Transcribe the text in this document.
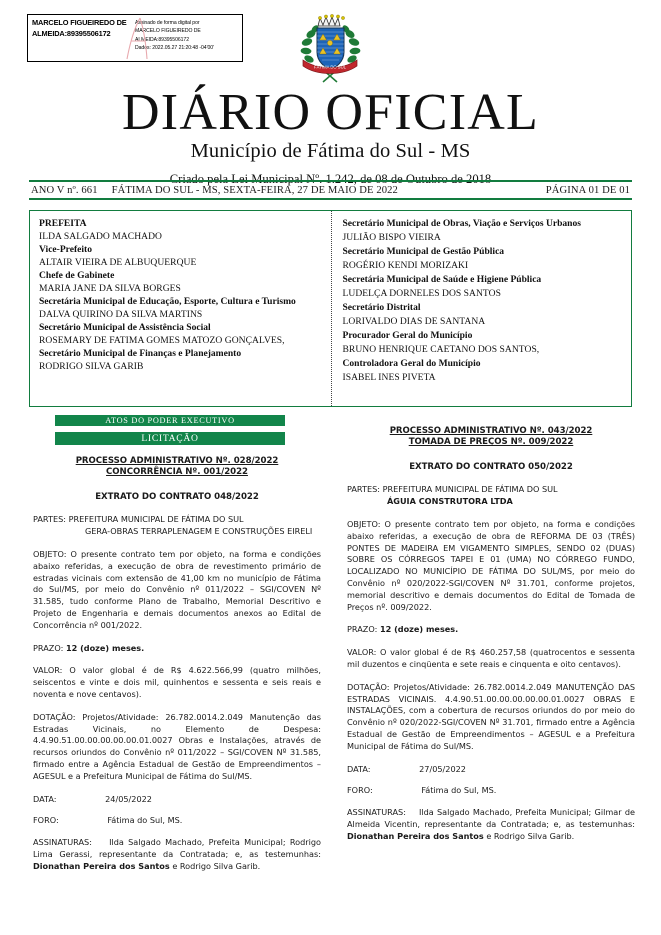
MARCELO FIGUEIREDO DE ALMEIDA:89395506172
Assinado de forma digital por
MARCELO FIGUEIREDO DE
ALMEIDA:89395506172
Dados: 2022.05.27 21:20:48 -04'00'
FÁTIMA DO SUL
DIÁRIO OFICIAL
Município de Fátima do Sul - MS
Criado pela Lei Municipal Nº. 1.242, de 08 de Outubro de 2018
ANO V nº. 661	FÁTIMA DO SUL - MS, SEXTA-FEIRA, 27 DE MAIO DE 2022	PÁGINA 01 DE 01
PREFEITA
ILDA SALGADO MACHADO
Vice-Prefeito
ALTAIR VIEIRA DE ALBUQUERQUE
Chefe de Gabinete
MARIA JANE DA SILVA BORGES
Secretária Municipal de Educação, Esporte, Cultura e Turismo
DALVA QUIRINO DA SILVA MARTINS
Secretário Municipal de Assistência Social
ROSEMARY DE FATIMA GOMES MATOZO GONÇALVES,
Secretário Municipal de Finanças e Planejamento
RODRIGO SILVA GARIB
Secretário Municipal de Obras, Viação e Serviços Urbanos
JULIÃO BISPO VIEIRA
Secretário Municipal de Gestão Pública
ROGÉRIO KENDI MORIZAKI
Secretária Municipal de Saúde e Higiene Pública
LUDELÇA DORNELES DOS SANTOS
Secretário Distrital
LORIVALDO DIAS DE SANTANA
Procurador Geral do Município
BRUNO HENRIQUE CAETANO DOS SANTOS,
Controladora Geral do Município
ISABEL INES PIVETA
ATOS DO PODER EXECUTIVO
LICITAÇÃO
PROCESSO ADMINISTRATIVO Nº. 028/2022
CONCORRÊNCIA Nº. 001/2022
EXTRATO DO CONTRATO 048/2022
PARTES: PREFEITURA MUNICIPAL DE FÁTIMA DO SUL
GERA-OBRAS TERRAPLENAGEM E CONSTRUÇÕES EIRELI
OBJETO: O presente contrato tem por objeto, na forma e condições abaixo referidas, a execução de obra de revestimento primário de estradas vicinais com extensão de 41,00 km no município de Fátima do Sul/MS, por meio do Convênio nº 011/2022 – SGI/COVEN Nº 31.585, tudo conforme Plano de Trabalho, Memorial Descritivo e Projeto de Engenharia e demais documentos anexos ao Edital de Concorrência nº 001/2022.
PRAZO: 12 (doze) meses.
VALOR: O valor global é de R$ 4.622.566,99 (quatro milhões, seiscentos e vinte e dois mil, quinhentos e sessenta e seis reais e noventa e nove centavos).
DOTAÇÃO: Projetos/Atividade: 26.782.0014.2.049 Manutenção das Estradas Vicinais, no Elemento de Despesa: 4.4.90.51.00.00.00.00.00.01.0027 Obras e Instalações, através de recursos oriundos do Convênio nº 011/2022 – SGI/COVEN Nº 31.585, firmado entre a Agência Estadual de Gestão de Empreendimentos – AGESUL e a Prefeitura Municipal de Fátima do Sul/MS.
DATA:	24/05/2022
FORO:	Fátima do Sul, MS.
ASSINATURAS: Ilda Salgado Machado, Prefeita Municipal; Rodrigo Lima Gerassi, representante da Contratada; e, as testemunhas: Dionathan Pereira dos Santos e Rodrigo Silva Garib.
PROCESSO ADMINISTRATIVO Nº. 043/2022
TOMADA DE PREÇOS Nº. 009/2022
EXTRATO DO CONTRATO 050/2022
PARTES: PREFEITURA MUNICIPAL DE FÁTIMA DO SUL
ÁGUIA CONSTRUTORA LTDA
OBJETO: O presente contrato tem por objeto, na forma e condições abaixo referidas, a execução de obra de REFORMA DE 03 (TRÊS) PONTES DE MADEIRA EM VIGAMENTO SIMPLES, SENDO 02 (DUAS) SOBRE OS CÓRREGOS TAPEI E 01 (UMA) NO CÓRREGO FUNDO, LOCALIZADO NO MUNICÍPIO DE FÁTIMA DO SUL/MS, por meio do Convênio nº 020/2022-SGI/COVEN Nº 31.701, conforme projetos, memorial descritivo e demais documentos do Edital de Tomada de Preços nº. 009/2022.
PRAZO: 12 (doze) meses.
VALOR: O valor global é de R$ 460.257,58 (quatrocentos e sessenta mil duzentos e cinqüenta e sete reais e cinquenta e oito centavos).
DOTAÇÃO: Projetos/Atividade: 26.782.0014.2.049 MANUTENÇÃO DAS ESTRADAS VICINAIS. 4.4.90.51.00.00.00.00.00.01.0027 OBRAS E INSTALAÇÕES, com a cobertura de recursos oriundos do por meio do Convênio nº 020/2022-SGI/COVEN Nº 31.701, firmado entre a Agência Estadual de Gestão de Empreendimentos – AGESUL e a Prefeitura Municipal de Fátima do Sul/MS.
DATA:	27/05/2022
FORO:	Fátima do Sul, MS.
ASSINATURAS: Ilda Salgado Machado, Prefeita Municipal; Gilmar de Almeida Vicentin, representante da Contratada; e, as testemunhas: Dionathan Pereira dos Santos e Rodrigo Silva Garib.
